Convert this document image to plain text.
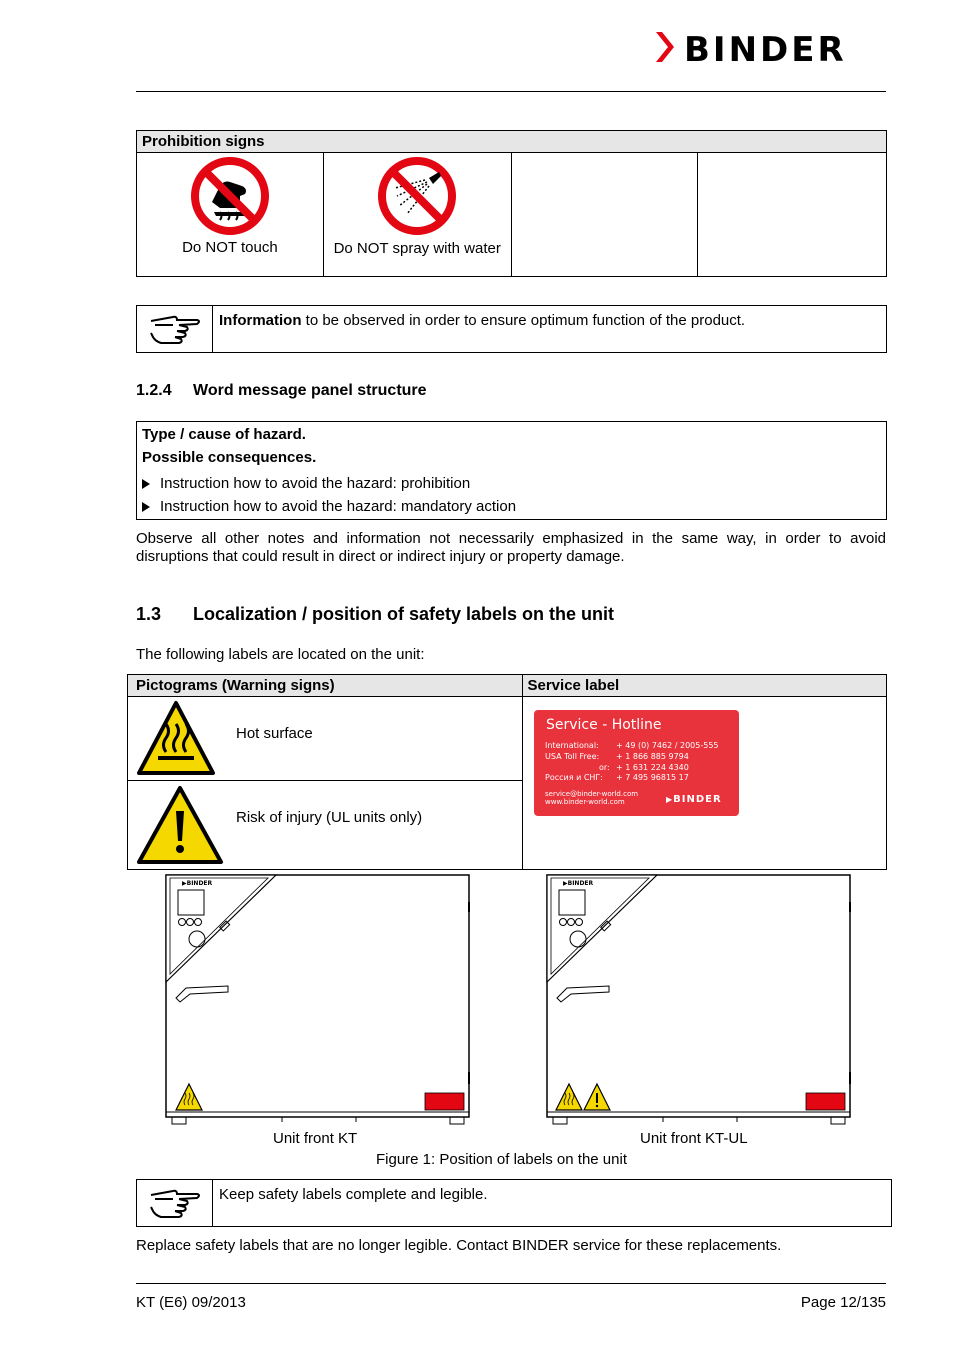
BINDER
Prohibition signs

Do NOT touch	Do NOT spray with water

Information to be observed in order to ensure optimum function of the product.
1.2.4 Word message panel structure
Type / cause of hazard.
Possible consequences.
Instruction how to avoid the hazard: prohibition
Instruction how to avoid the hazard: mandatory action
Observe all other notes and information not necessarily emphasized in the same way, in order to avoid disruptions that could result in direct or indirect injury or property damage.
1.3 Localization / position of safety labels on the unit
The following labels are located on the unit:
Pictograms (Warning signs)	Service label

Hot surface	

Risk of injury (UL units only)	
Service - Hotline
International: + 49 (0) 7462 / 2005-555
USA Toll Free: + 1 866 885 9794
or: + 1 631 224 4340
Россия и СНГ: + 7 495 96815 17
service@binder-world.com
www.binder-world.com	▶BINDER
▶BINDER	▶BINDER
Unit front KT	Unit front KT-UL
Figure 1: Position of labels on the unit
Keep safety labels complete and legible.
Replace safety labels that are no longer legible. Contact BINDER service for these replacements.
KT (E6) 09/2013	Page 12/135
